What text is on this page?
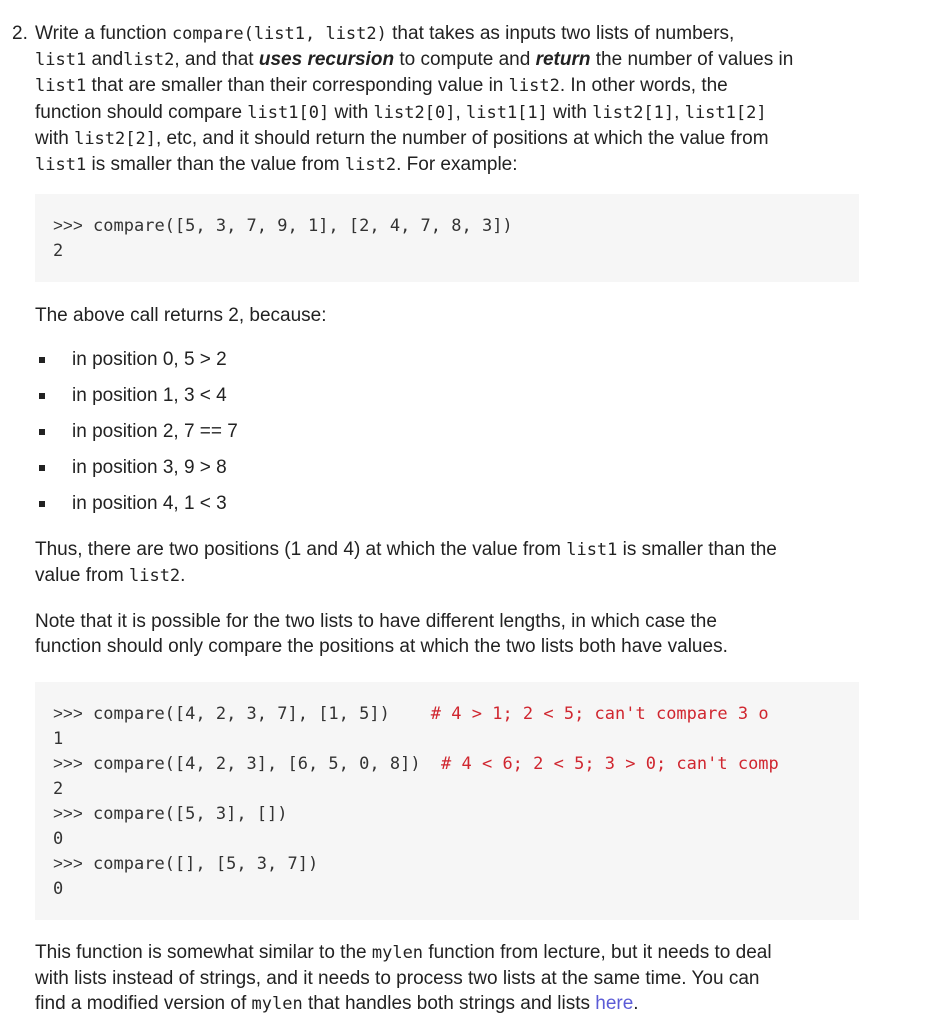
2. Write a function compare(list1, list2) that takes as inputs two lists of numbers,
list1 andlist2, and that uses recursion to compute and return the number of values in
list1 that are smaller than their corresponding value in list2. In other words, the
function should compare list1[0] with list2[0], list1[1] with list2[1], list1[2]
with list2[2], etc, and it should return the number of positions at which the value from
list1 is smaller than the value from list2. For example:
>>> compare([5, 3, 7, 9, 1], [2, 4, 7, 8, 3])
2
The above call returns 2, because:
in position 0, 5 > 2
in position 1, 3 < 4
in position 2, 7 == 7
in position 3, 9 > 8
in position 4, 1 < 3
Thus, there are two positions (1 and 4) at which the value from list1 is smaller than the
value from list2.
Note that it is possible for the two lists to have different lengths, in which case the
function should only compare the positions at which the two lists both have values.
>>> compare([4, 2, 3, 7], [1, 5])    # 4 > 1; 2 < 5; can't compare 3 o
1
>>> compare([4, 2, 3], [6, 5, 0, 8])  # 4 < 6; 2 < 5; 3 > 0; can't comp
2
>>> compare([5, 3], [])
0
>>> compare([], [5, 3, 7])
0
This function is somewhat similar to the mylen function from lecture, but it needs to deal
with lists instead of strings, and it needs to process two lists at the same time. You can
find a modified version of mylen that handles both strings and lists here.
